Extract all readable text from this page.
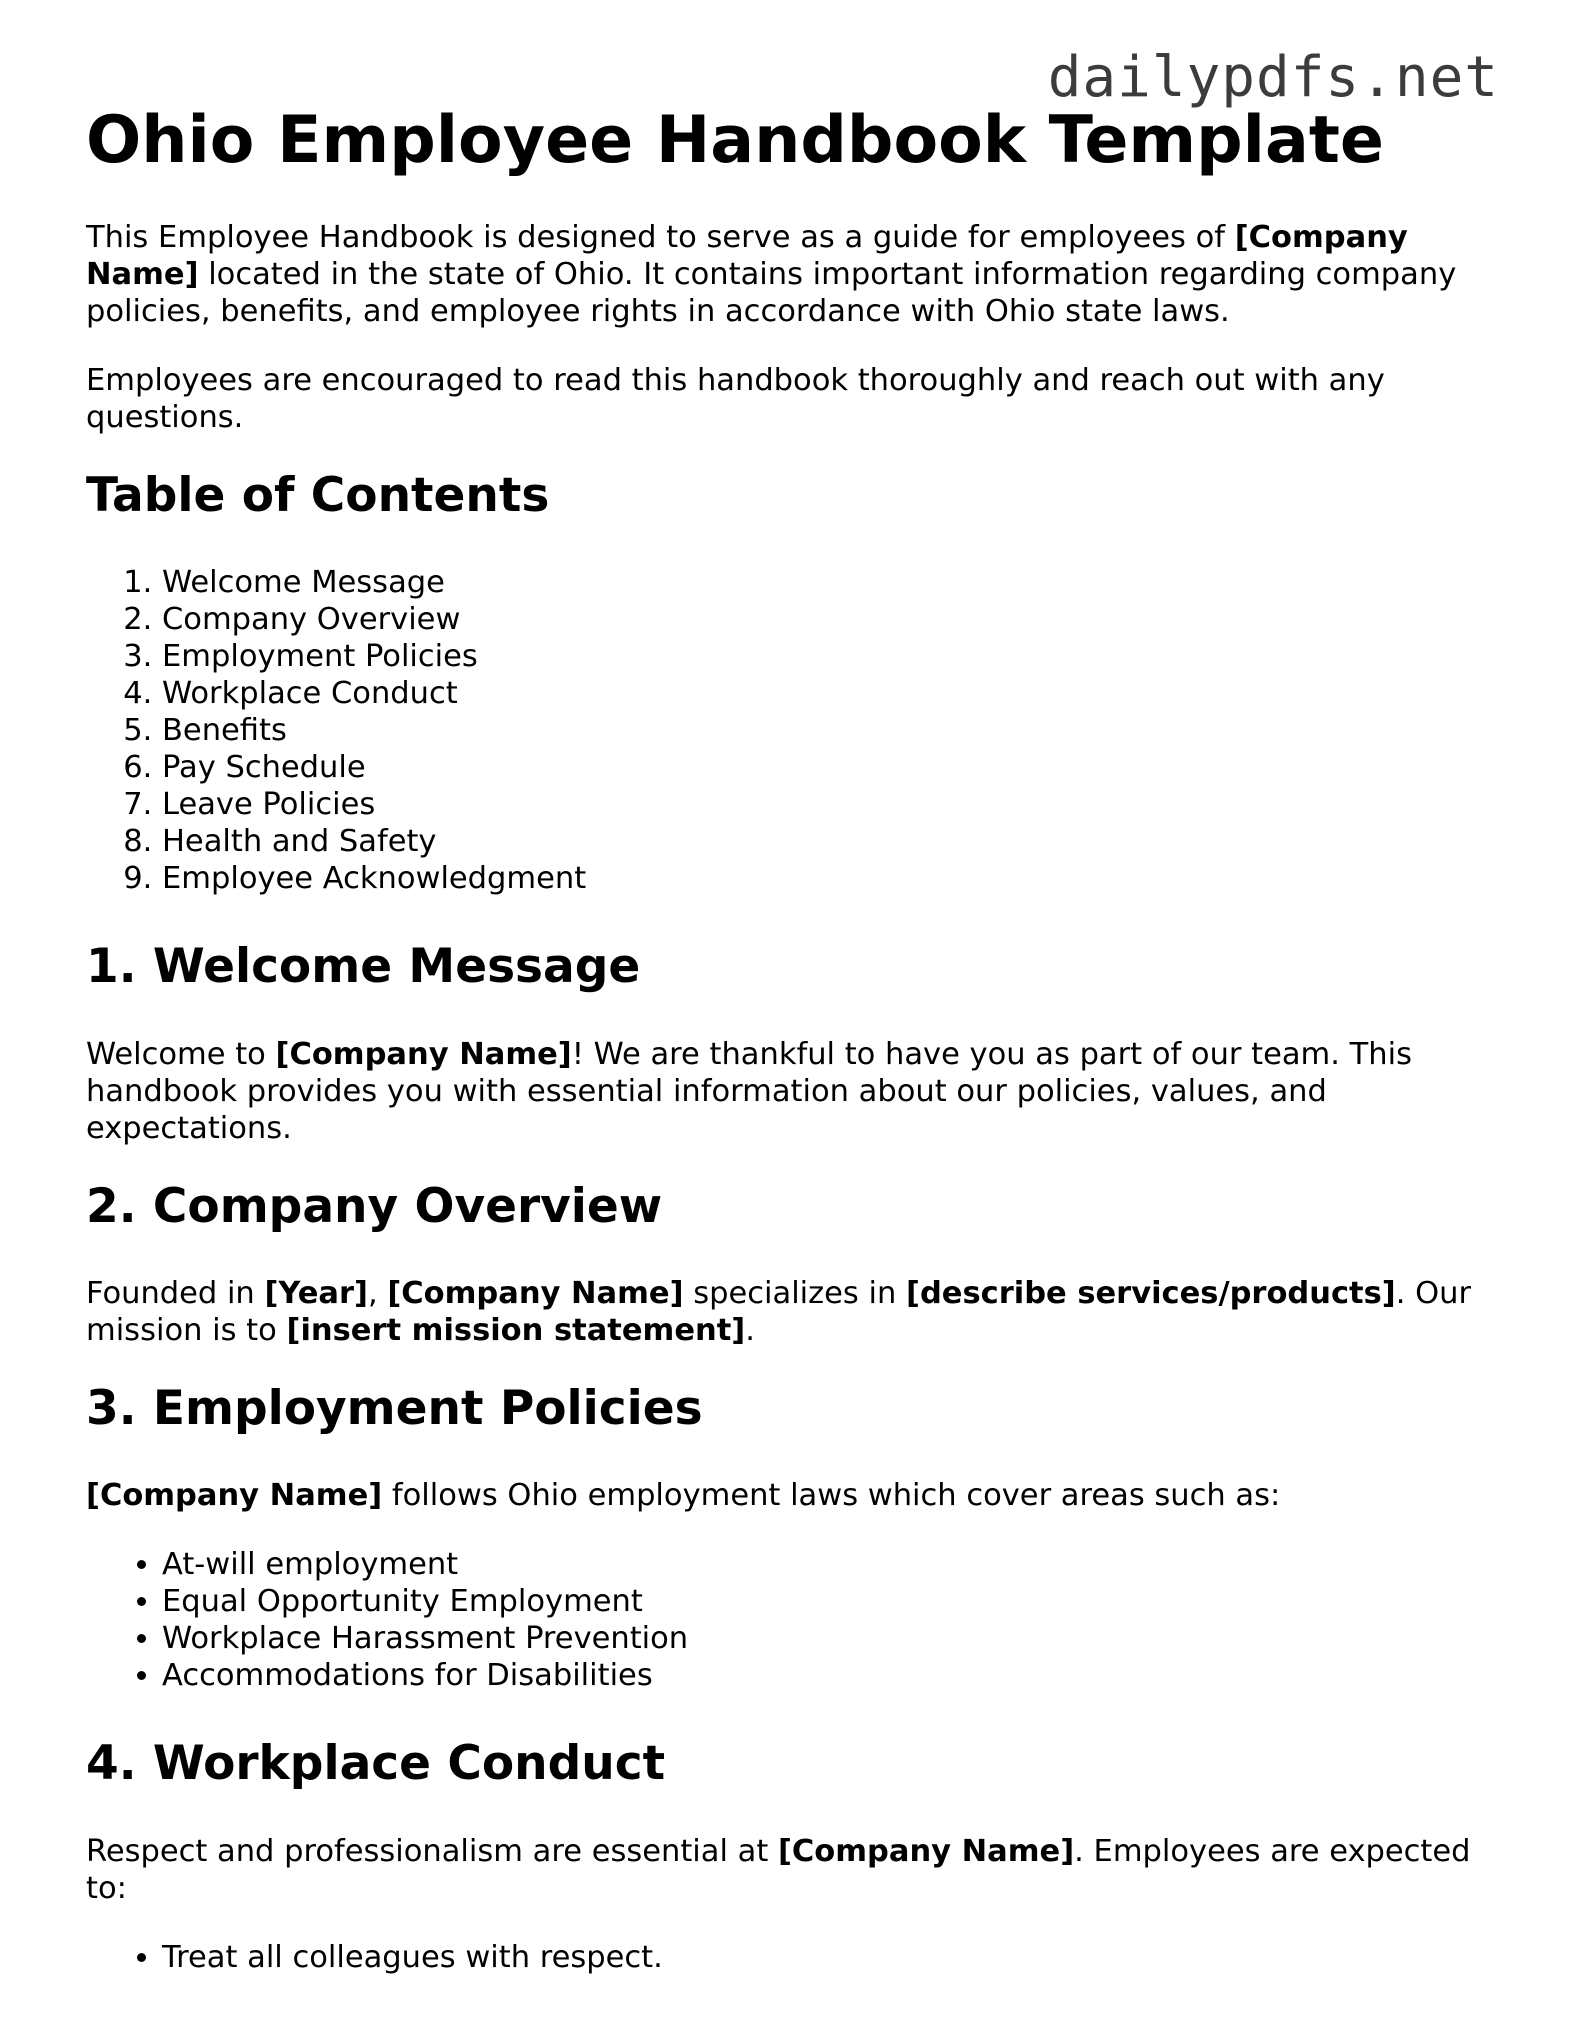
dailypdfs.net
Ohio Employee Handbook Template

This Employee Handbook is designed to serve as a guide for employees of [Company Name] located in the state of Ohio. It contains important information regarding company policies, benefits, and employee rights in accordance with Ohio state laws.

Employees are encouraged to read this handbook thoroughly and reach out with any questions.

Table of Contents
1. Welcome Message
2. Company Overview
3. Employment Policies
4. Workplace Conduct
5. Benefits
6. Pay Schedule
7. Leave Policies
8. Health and Safety
9. Employee Acknowledgment
1. Welcome Message

Welcome to [Company Name]! We are thankful to have you as part of our team. This handbook provides you with essential information about our policies, values, and expectations.

2. Company Overview

Founded in [Year], [Company Name] specializes in [describe services/products]. Our mission is to [insert mission statement].

3. Employment Policies

[Company Name] follows Ohio employment laws which cover areas such as:

• At-will employment
• Equal Opportunity Employment
• Workplace Harassment Prevention
• Accommodations for Disabilities
4. Workplace Conduct

Respect and professionalism are essential at [Company Name]. Employees are expected to:

• Treat all colleagues with respect.
